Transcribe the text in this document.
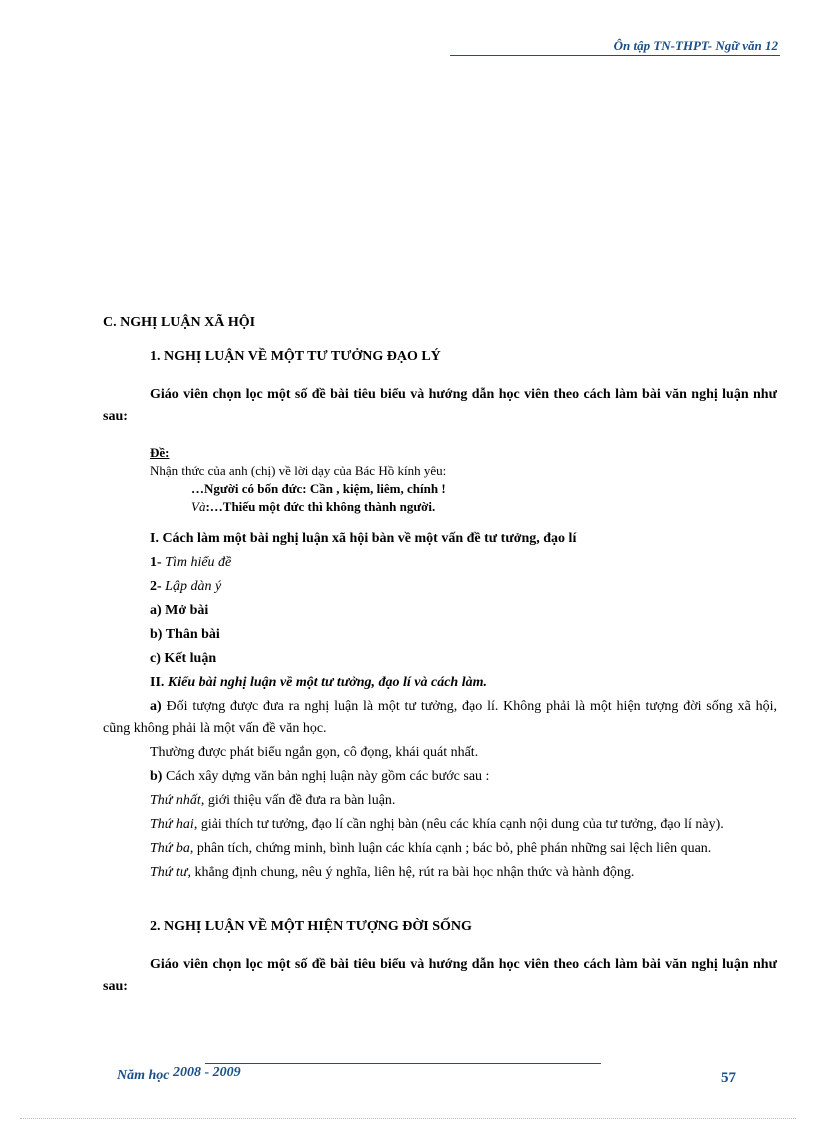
Ôn tập TN-THPT- Ngữ văn 12

C. NGHỊ LUẬN XÃ HỘI

1. NGHỊ LUẬN VỀ MỘT TƯ TƯỞNG ĐẠO LÝ

Giáo viên chọn lọc một số đề bài tiêu biểu và hướng dẫn học viên theo cách làm bài văn nghị luận như sau:

Đề:

Nhận thức của anh (chị) về lời dạy của Bác Hồ kính yêu:

…Người có bốn đức: Cần , kiệm, liêm, chính !

Và:…Thiếu một đức thì không thành người.

I. Cách làm một bài nghị luận xã hội bàn về một vấn đề tư tưởng, đạo lí

1- Tìm hiểu đề

2- Lập dàn ý

a) Mở bài

b) Thân bài

c) Kết luận

II. Kiểu bài nghị luận về một tư tưởng, đạo lí và cách làm.

a) Đối tượng được đưa ra nghị luận là một tư tưởng, đạo lí. Không phải là một hiện tượng đời sống xã hội, cũng không phải là một vấn đề văn học.

Thường được phát biểu ngắn gọn, cô đọng, khái quát nhất.

b) Cách xây dựng văn bản nghị luận này gồm các bước sau :

Thứ nhất, giới thiệu vấn đề đưa ra bàn luận.

Thứ hai, giải thích tư tưởng, đạo lí cần nghị bàn (nêu các khía cạnh nội dung của tư tưởng, đạo lí này).

Thứ ba, phân tích, chứng minh, bình luận các khía cạnh ; bác bỏ, phê phán những sai lệch liên quan.

Thứ tư, khẳng định chung, nêu ý nghĩa, liên hệ, rút ra bài học nhận thức và hành động.

2. NGHỊ LUẬN VỀ MỘT HIỆN TƯỢNG ĐỜI SỐNG

Giáo viên chọn lọc một số đề bài tiêu biểu và hướng dẫn học viên theo cách làm bài văn nghị luận như sau:

Năm học 2008 - 2009	57
